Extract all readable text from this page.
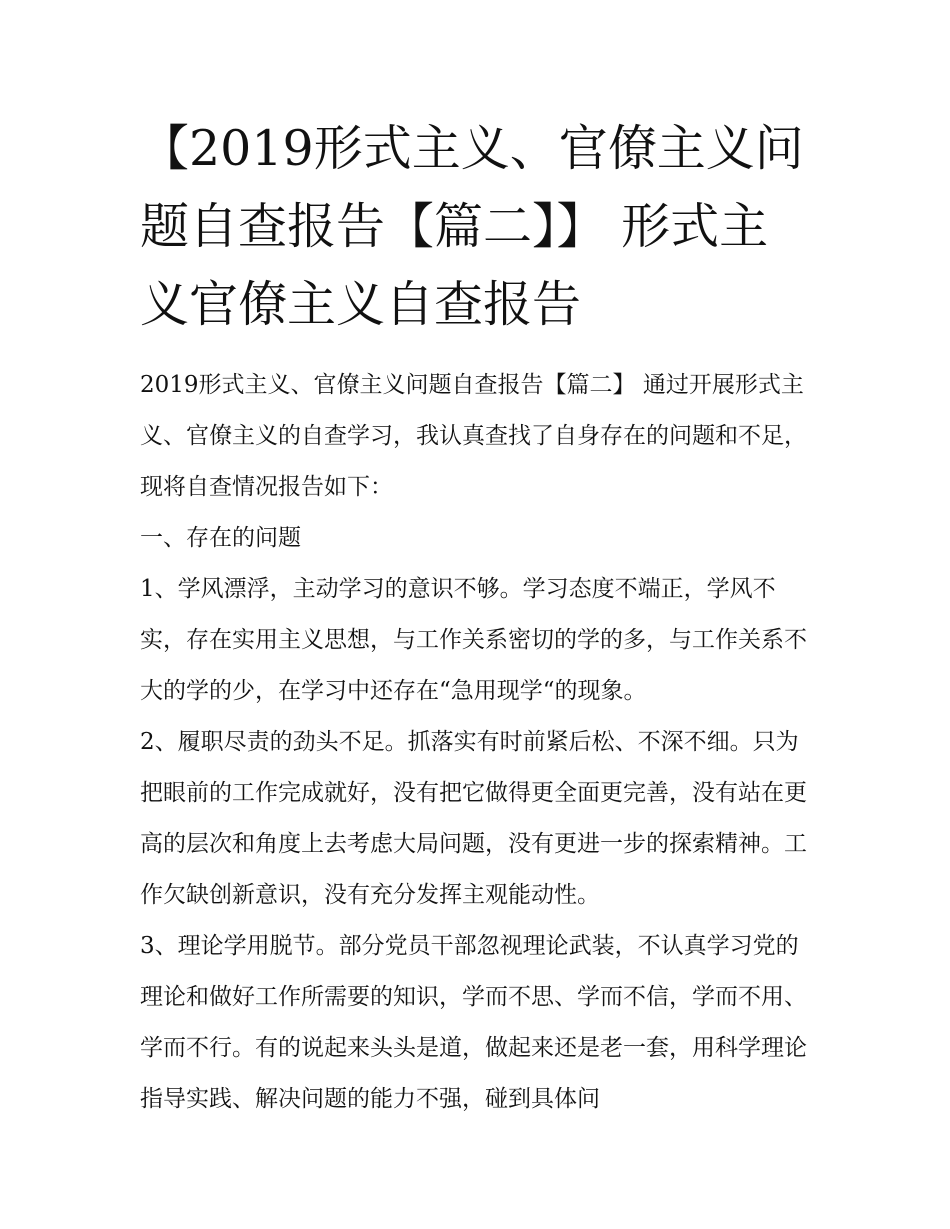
【2019形式主义、官僚主义问题自查报告【篇二】】 形式主义官僚主义自查报告

2019形式主义、官僚主义问题自查报告【篇二】 通过开展形式主义、官僚主义的自查学习，我认真查找了自身存在的问题和不足，现将自查情况报告如下：

一、存在的问题

1、学风漂浮，主动学习的意识不够。学习态度不端正，学风不实，存在实用主义思想，与工作关系密切的学的多，与工作关系不大的学的少，在学习中还存在“急用现学“的现象。

2、履职尽责的劲头不足。抓落实有时前紧后松、不深不细。只为把眼前的工作完成就好，没有把它做得更全面更完善，没有站在更高的层次和角度上去考虑大局问题，没有更进一步的探索精神。工作欠缺创新意识，没有充分发挥主观能动性。

3、理论学用脱节。部分党员干部忽视理论武装，不认真学习党的理论和做好工作所需要的知识，学而不思、学而不信，学而不用、学而不行。有的说起来头头是道，做起来还是老一套，用科学理论指导实践、解决问题的能力不强，碰到具体问
